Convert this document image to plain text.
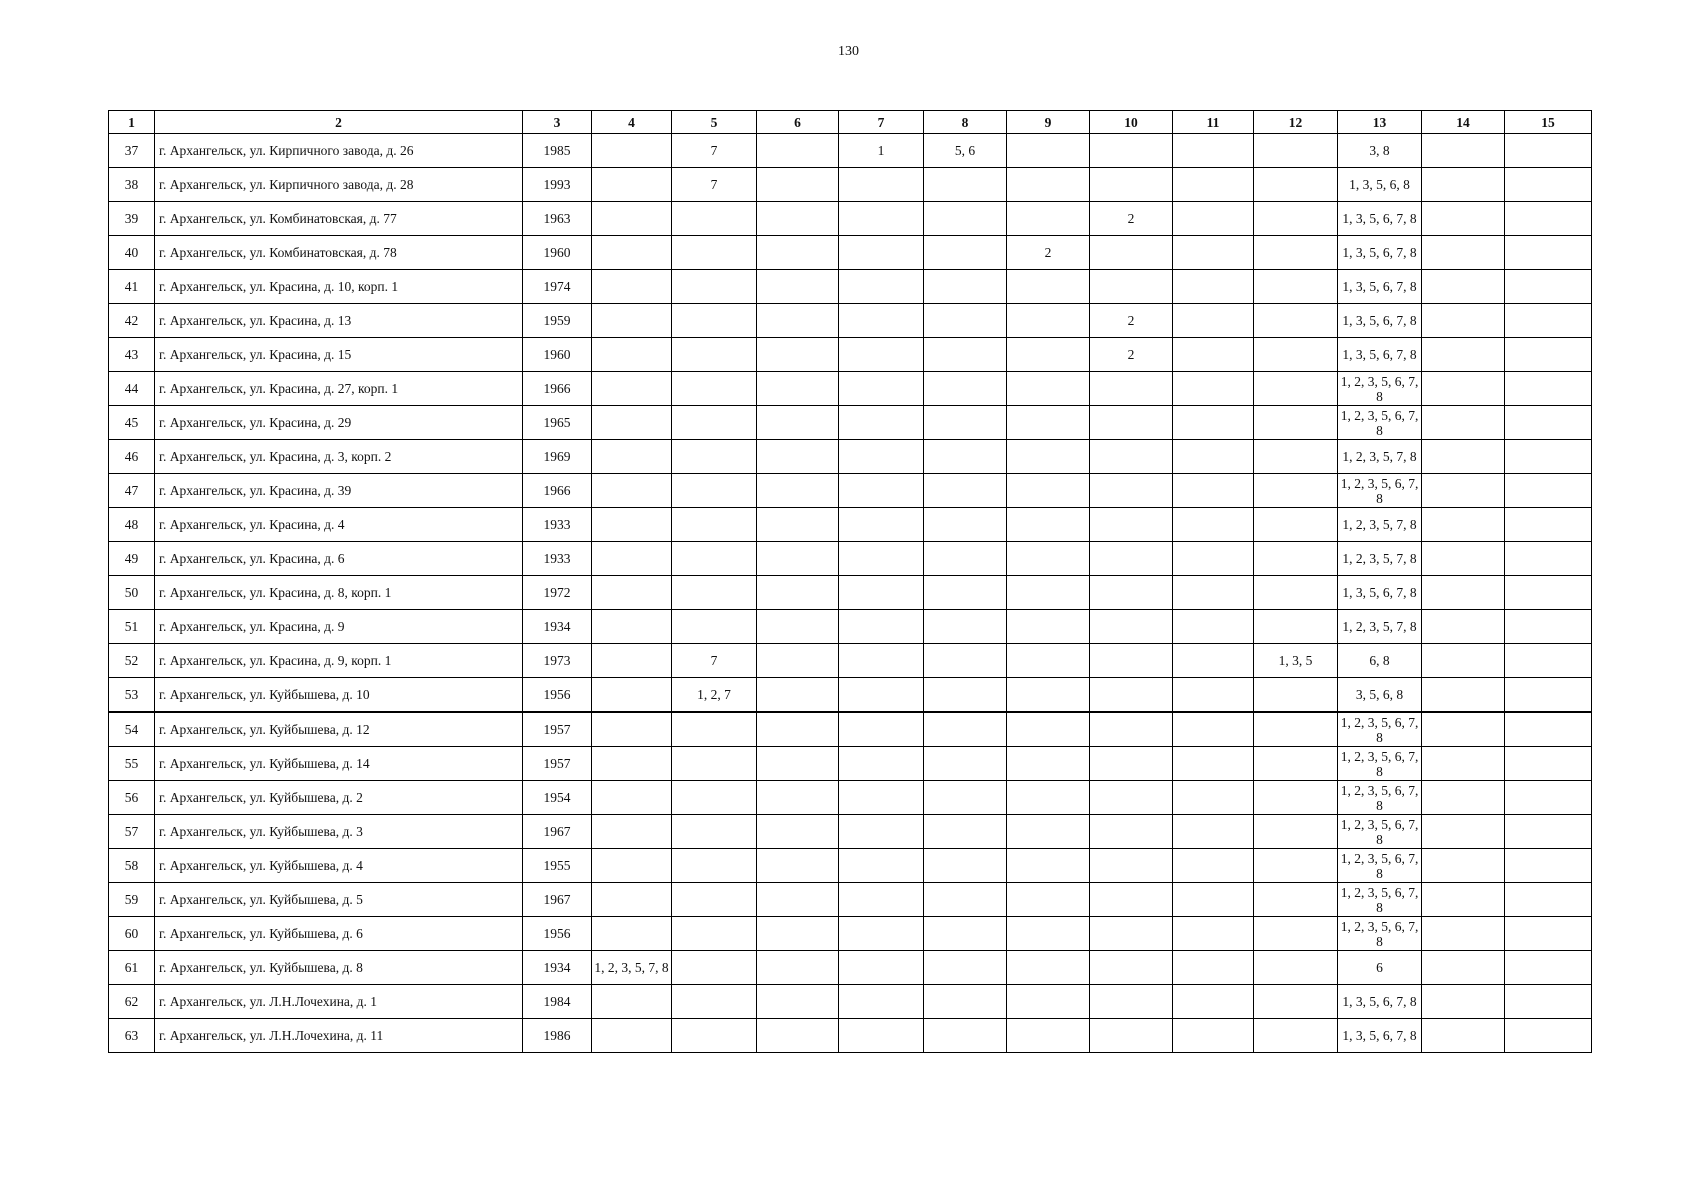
130
1	2	3	4	5	6	7	8	9	10	11	12	13	14	15
37	г. Архангельск, ул. Кирпичного завода, д. 26	1985		7		1	5, 6					3, 8		
38	г. Архангельск, ул. Кирпичного завода, д. 28	1993		7								1, 3, 5, 6, 8		
39	г. Архангельск, ул. Комбинатовская, д. 77	1963							2			1, 3, 5, 6, 7, 8		
40	г. Архангельск, ул. Комбинатовская, д. 78	1960						2				1, 3, 5, 6, 7, 8		
41	г. Архангельск, ул. Красина, д. 10, корп. 1	1974										1, 3, 5, 6, 7, 8		
42	г. Архангельск, ул. Красина, д. 13	1959							2			1, 3, 5, 6, 7, 8		
43	г. Архангельск, ул. Красина, д. 15	1960							2			1, 3, 5, 6, 7, 8		
44	г. Архангельск, ул. Красина, д. 27, корп. 1	1966										1, 2, 3, 5, 6, 7, 8		
45	г. Архангельск, ул. Красина, д. 29	1965										1, 2, 3, 5, 6, 7, 8		
46	г. Архангельск, ул. Красина, д. 3, корп. 2	1969										1, 2, 3, 5, 7, 8		
47	г. Архангельск, ул. Красина, д. 39	1966										1, 2, 3, 5, 6, 7, 8		
48	г. Архангельск, ул. Красина, д. 4	1933										1, 2, 3, 5, 7, 8		
49	г. Архангельск, ул. Красина, д. 6	1933										1, 2, 3, 5, 7, 8		
50	г. Архангельск, ул. Красина, д. 8, корп. 1	1972										1, 3, 5, 6, 7, 8		
51	г. Архангельск, ул. Красина, д. 9	1934										1, 2, 3, 5, 7, 8		
52	г. Архангельск, ул. Красина, д. 9, корп. 1	1973		7							1, 3, 5	6, 8		
53	г. Архангельск, ул. Куйбышева, д. 10	1956		1, 2, 7								3, 5, 6, 8		
54	г. Архангельск, ул. Куйбышева, д. 12	1957										1, 2, 3, 5, 6, 7, 8		
55	г. Архангельск, ул. Куйбышева, д. 14	1957										1, 2, 3, 5, 6, 7, 8		
56	г. Архангельск, ул. Куйбышева, д. 2	1954										1, 2, 3, 5, 6, 7, 8		
57	г. Архангельск, ул. Куйбышева, д. 3	1967										1, 2, 3, 5, 6, 7, 8		
58	г. Архангельск, ул. Куйбышева, д. 4	1955										1, 2, 3, 5, 6, 7, 8		
59	г. Архангельск, ул. Куйбышева, д. 5	1967										1, 2, 3, 5, 6, 7, 8		
60	г. Архангельск, ул. Куйбышева, д. 6	1956										1, 2, 3, 5, 6, 7, 8		
61	г. Архангельск, ул. Куйбышева, д. 8	1934	1, 2, 3, 5, 7, 8									6		
62	г. Архангельск, ул. Л.Н.Лочехина, д. 1	1984										1, 3, 5, 6, 7, 8		
63	г. Архангельск, ул. Л.Н.Лочехина, д. 11	1986										1, 3, 5, 6, 7, 8		
